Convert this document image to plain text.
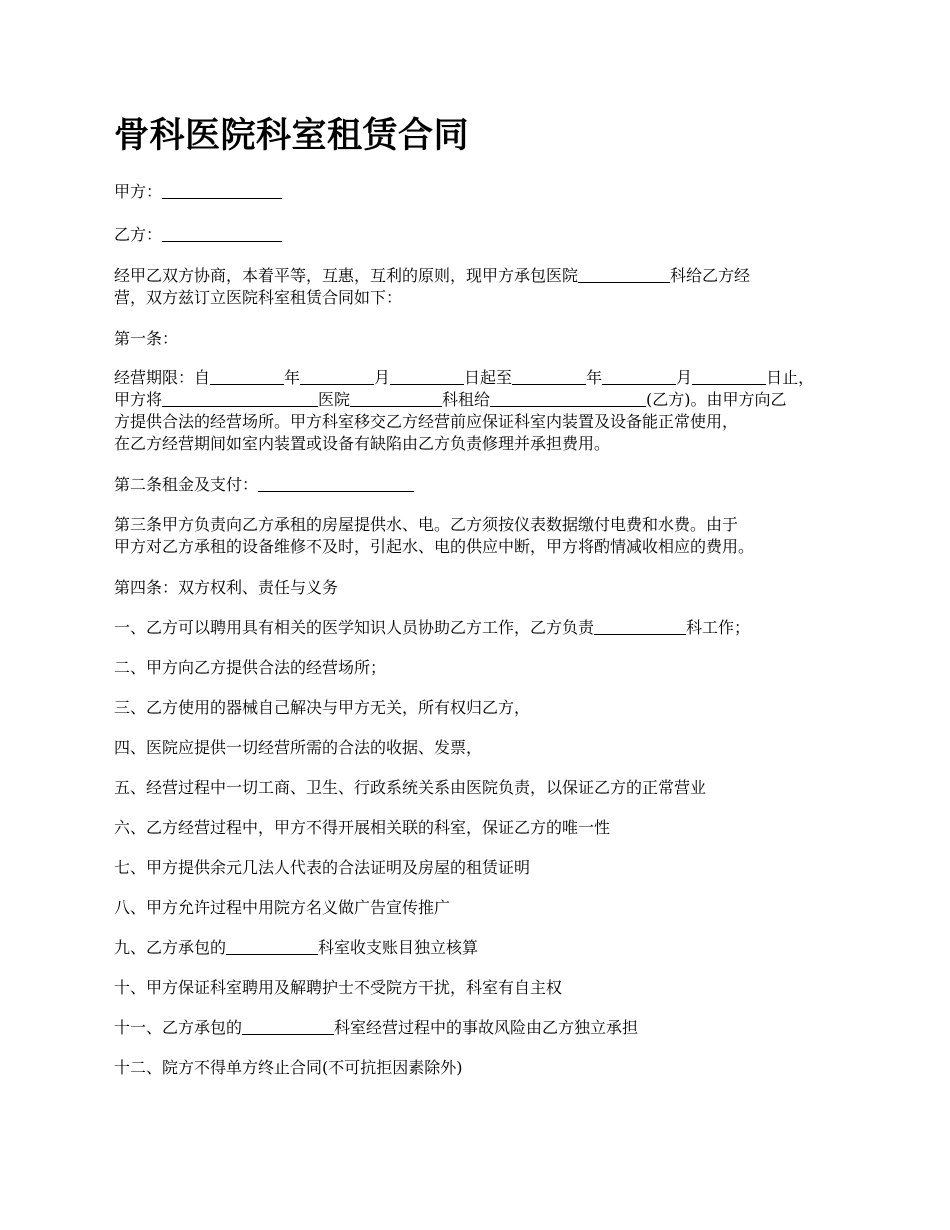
骨科医院科室租赁合同

甲方：

乙方：

经甲乙双方协商，本着平等，互惠，互利的原则，现甲方承包医院	科给乙方经

营，双方兹订立医院科室租赁合同如下：

第一条：

经营期限：自	年	月	日起至	年	月	日止，

甲方将	医院	科租给	(乙方)。由甲方向乙

方提供合法的经营场所。甲方科室移交乙方经营前应保证科室内装置及设备能正常使用，

在乙方经营期间如室内装置或设备有缺陷由乙方负责修理并承担费用。

第二条租金及支付：

第三条甲方负责向乙方承租的房屋提供水、电。乙方须按仪表数据缴付电费和水费。由于

甲方对乙方承租的设备维修不及时，引起水、电的供应中断，甲方将酌情减收相应的费用。

第四条：双方权利、责任与义务

一、乙方可以聘用具有相关的医学知识人员协助乙方工作，乙方负责	科工作；

二、甲方向乙方提供合法的经营场所；

三、乙方使用的器械自己解决与甲方无关，所有权归乙方，

四、医院应提供一切经营所需的合法的收据、发票，

五、经营过程中一切工商、卫生、行政系统关系由医院负责，以保证乙方的正常营业

六、乙方经营过程中，甲方不得开展相关联的科室，保证乙方的唯一性

七、甲方提供余元几法人代表的合法证明及房屋的租赁证明

八、甲方允许过程中用院方名义做广告宣传推广

九、乙方承包的	科室收支账目独立核算

十、甲方保证科室聘用及解聘护士不受院方干扰，科室有自主权

十一、乙方承包的	科室经营过程中的事故风险由乙方独立承担

十二、院方不得单方终止合同(不可抗拒因素除外)
